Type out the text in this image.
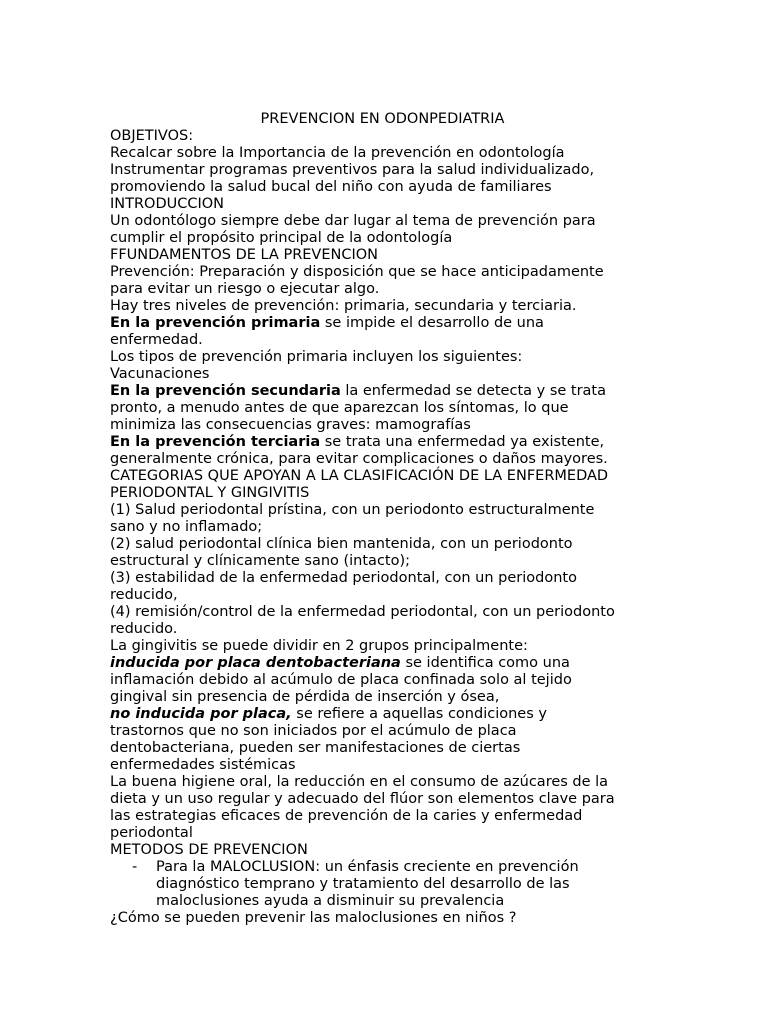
PREVENCION EN ODONPEDIATRIA
OBJETIVOS:
Recalcar sobre la Importancia de la prevención en odontología
Instrumentar programas preventivos para la salud individualizado,
promoviendo la salud bucal del niño con ayuda de familiares
INTRODUCCION
Un odontólogo siempre debe dar lugar al tema de prevención para
cumplir el propósito principal de la odontología
FFUNDAMENTOS DE LA PREVENCION
Prevención: Preparación y disposición que se hace anticipadamente
para evitar un riesgo o ejecutar algo.
Hay tres niveles de prevención: primaria, secundaria y terciaria.
En la prevención primaria se impide el desarrollo de una
enfermedad.
Los tipos de prevención primaria incluyen los siguientes:
Vacunaciones
En la prevención secundaria la enfermedad se detecta y se trata
pronto, a menudo antes de que aparezcan los síntomas, lo que
minimiza las consecuencias graves: mamografías
En la prevención terciaria se trata una enfermedad ya existente,
generalmente crónica, para evitar complicaciones o daños mayores.
CATEGORIAS QUE APOYAN A LA CLASIFICACIÓN DE LA ENFERMEDAD
PERIODONTAL Y GINGIVITIS
(1) Salud periodontal prístina, con un periodonto estructuralmente
sano y no inflamado;
(2) salud periodontal clínica bien mantenida, con un periodonto
estructural y clínicamente sano (intacto);
(3) estabilidad de la enfermedad periodontal, con un periodonto
reducido,
(4) remisión/control de la enfermedad periodontal, con un periodonto
reducido.
La gingivitis se puede dividir en 2 grupos principalmente:
inducida por placa dentobacteriana se identifica como una
inflamación debido al acúmulo de placa confinada solo al tejido
gingival sin presencia de pérdida de inserción y ósea,
no inducida por placa, se refiere a aquellas condiciones y
trastornos que no son iniciados por el acúmulo de placa
dentobacteriana, pueden ser manifestaciones de ciertas
enfermedades sistémicas
La buena higiene oral, la reducción en el consumo de azúcares de la
dieta y un uso regular y adecuado del flúor son elementos clave para
las estrategias eficaces de prevención de la caries y enfermedad
periodontal
METODOS DE PREVENCION
- Para la MALOCLUSION: un énfasis creciente en prevención
diagnóstico temprano y tratamiento del desarrollo de las
maloclusiones ayuda a disminuir su prevalencia
¿Cómo se pueden prevenir las maloclusiones en niños ?
